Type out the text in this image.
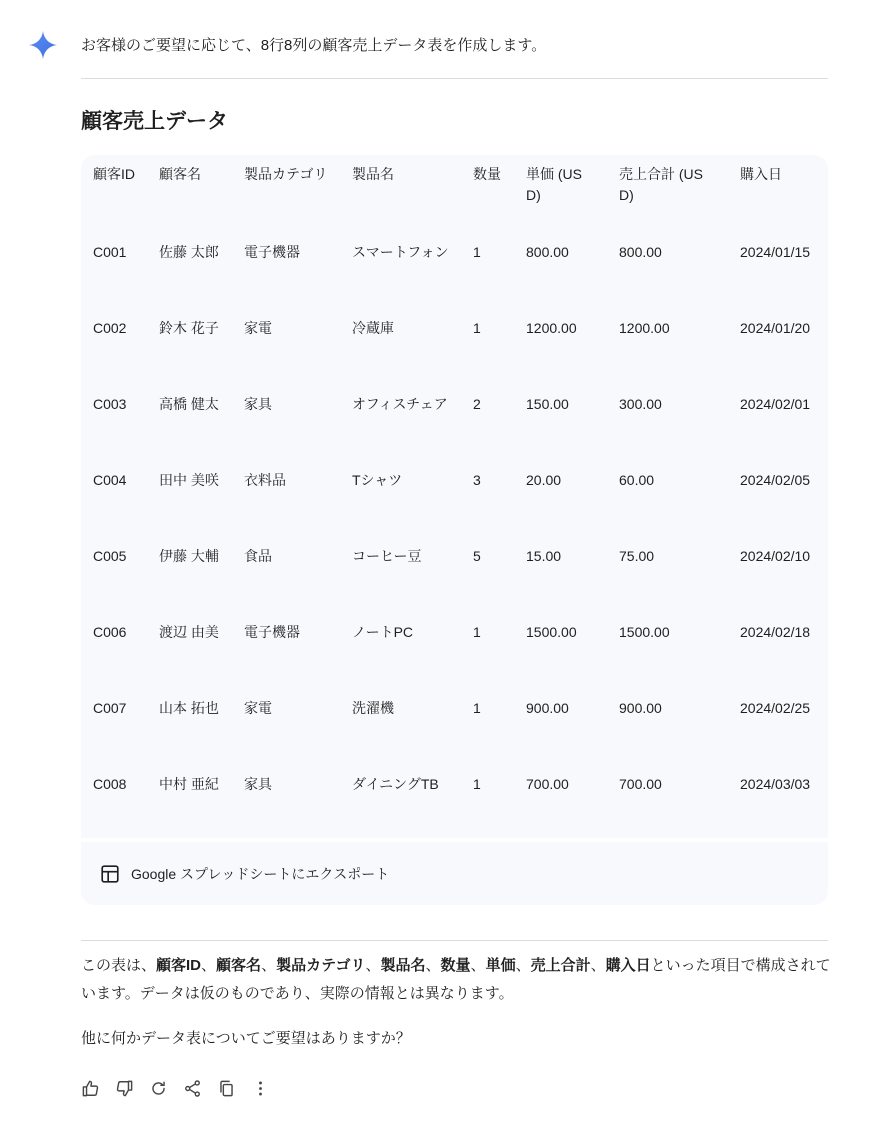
お客様のご要望に応じて、8行8列の顧客売上データ表を作成します。
顧客売上データ
顧客ID	顧客名	製品カテゴリ	製品名	数量	単価 (USD)	売上合計 (USD)	購入日
C001	佐藤 太郎	電子機器	スマートフォン	1	800.00	800.00	2024/01/15
C002	鈴木 花子	家電	冷蔵庫	1	1200.00	1200.00	2024/01/20
C003	高橋 健太	家具	オフィスチェア	2	150.00	300.00	2024/02/01
C004	田中 美咲	衣料品	Tシャツ	3	20.00	60.00	2024/02/05
C005	伊藤 大輔	食品	コーヒー豆	5	15.00	75.00	2024/02/10
C006	渡辺 由美	電子機器	ノートPC	1	1500.00	1500.00	2024/02/18
C007	山本 拓也	家電	洗濯機	1	900.00	900.00	2024/02/25
C008	中村 亜紀	家具	ダイニングTB	1	700.00	700.00	2024/03/03
Google スプレッドシートにエクスポート

この表は、顧客ID、顧客名、製品カテゴリ、製品名、数量、単価、売上合計、購入日といった項目で構成されています。データは仮のものであり、実際の情報とは異なります。

他に何かデータ表についてご要望はありますか？
